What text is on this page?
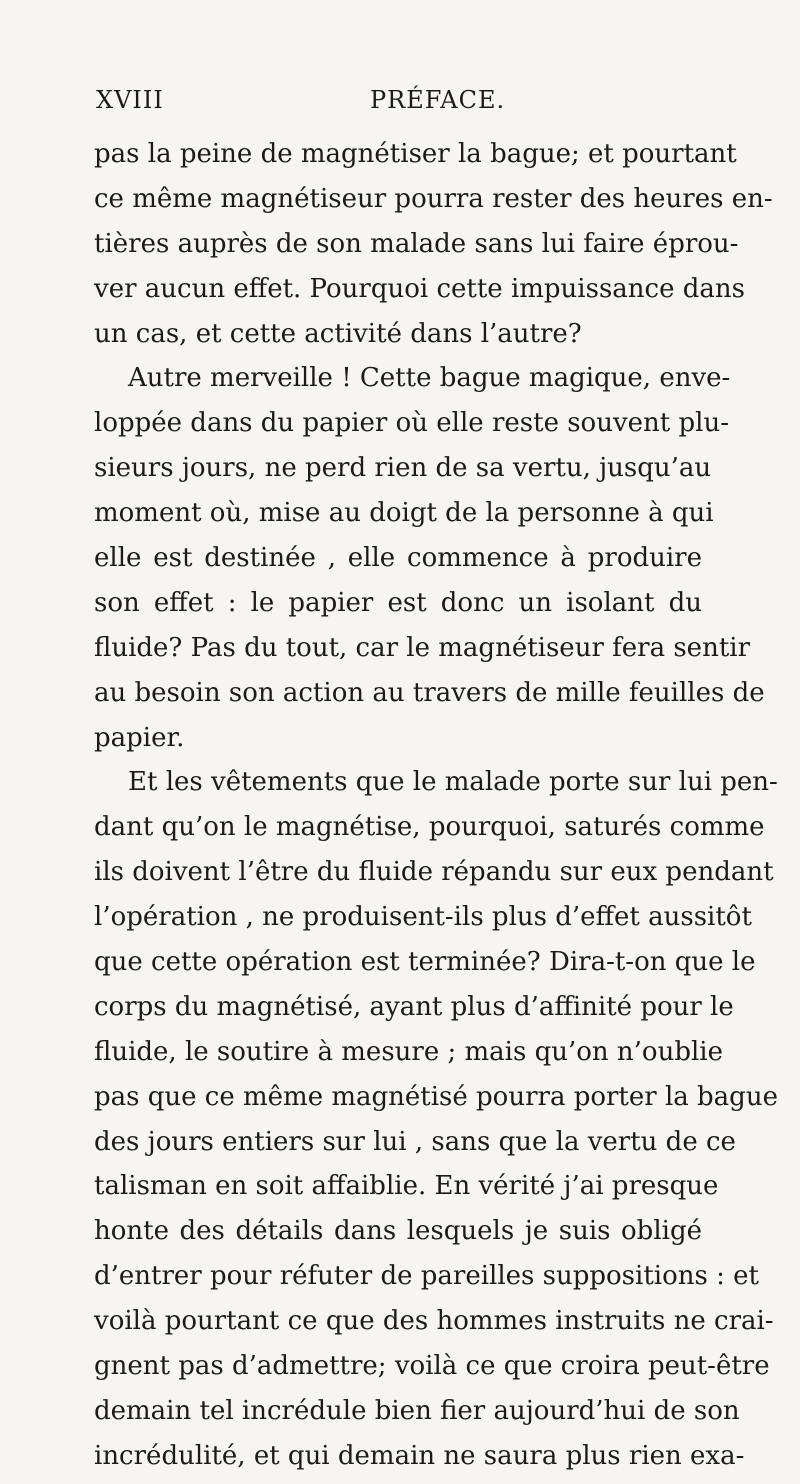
XVIII	PRÉFACE.
pas la peine de magnétiser la bague; et pourtant
ce même magnétiseur pourra rester des heures en-
tières auprès de son malade sans lui faire éprou-
ver aucun effet. Pourquoi cette impuissance dans
un cas, et cette activité dans l’autre?
Autre merveille ! Cette bague magique, enve-
loppée dans du papier où elle reste souvent plu-
sieurs jours, ne perd rien de sa vertu, jusqu’au
moment où, mise au doigt de la personne à qui
elle est destinée , elle commence à produire
son effet : le papier est donc un isolant du
fluide? Pas du tout, car le magnétiseur fera sentir
au besoin son action au travers de mille feuilles de
papier.
Et les vêtements que le malade porte sur lui pen-
dant qu’on le magnétise, pourquoi, saturés comme
ils doivent l’être du fluide répandu sur eux pendant
l’opération , ne produisent-ils plus d’effet aussitôt
que cette opération est terminée? Dira-t-on que le
corps du magnétisé, ayant plus d’affinité pour le
fluide, le soutire à mesure ; mais qu’on n’oublie
pas que ce même magnétisé pourra porter la bague
des jours entiers sur lui , sans que la vertu de ce
talisman en soit affaiblie. En vérité j’ai presque
honte des détails dans lesquels je suis obligé
d’entrer pour réfuter de pareilles suppositions : et
voilà pourtant ce que des hommes instruits ne crai-
gnent pas d’admettre; voilà ce que croira peut-être
demain tel incrédule bien fier aujourd’hui de son
incrédulité, et qui demain ne saura plus rien exa-
